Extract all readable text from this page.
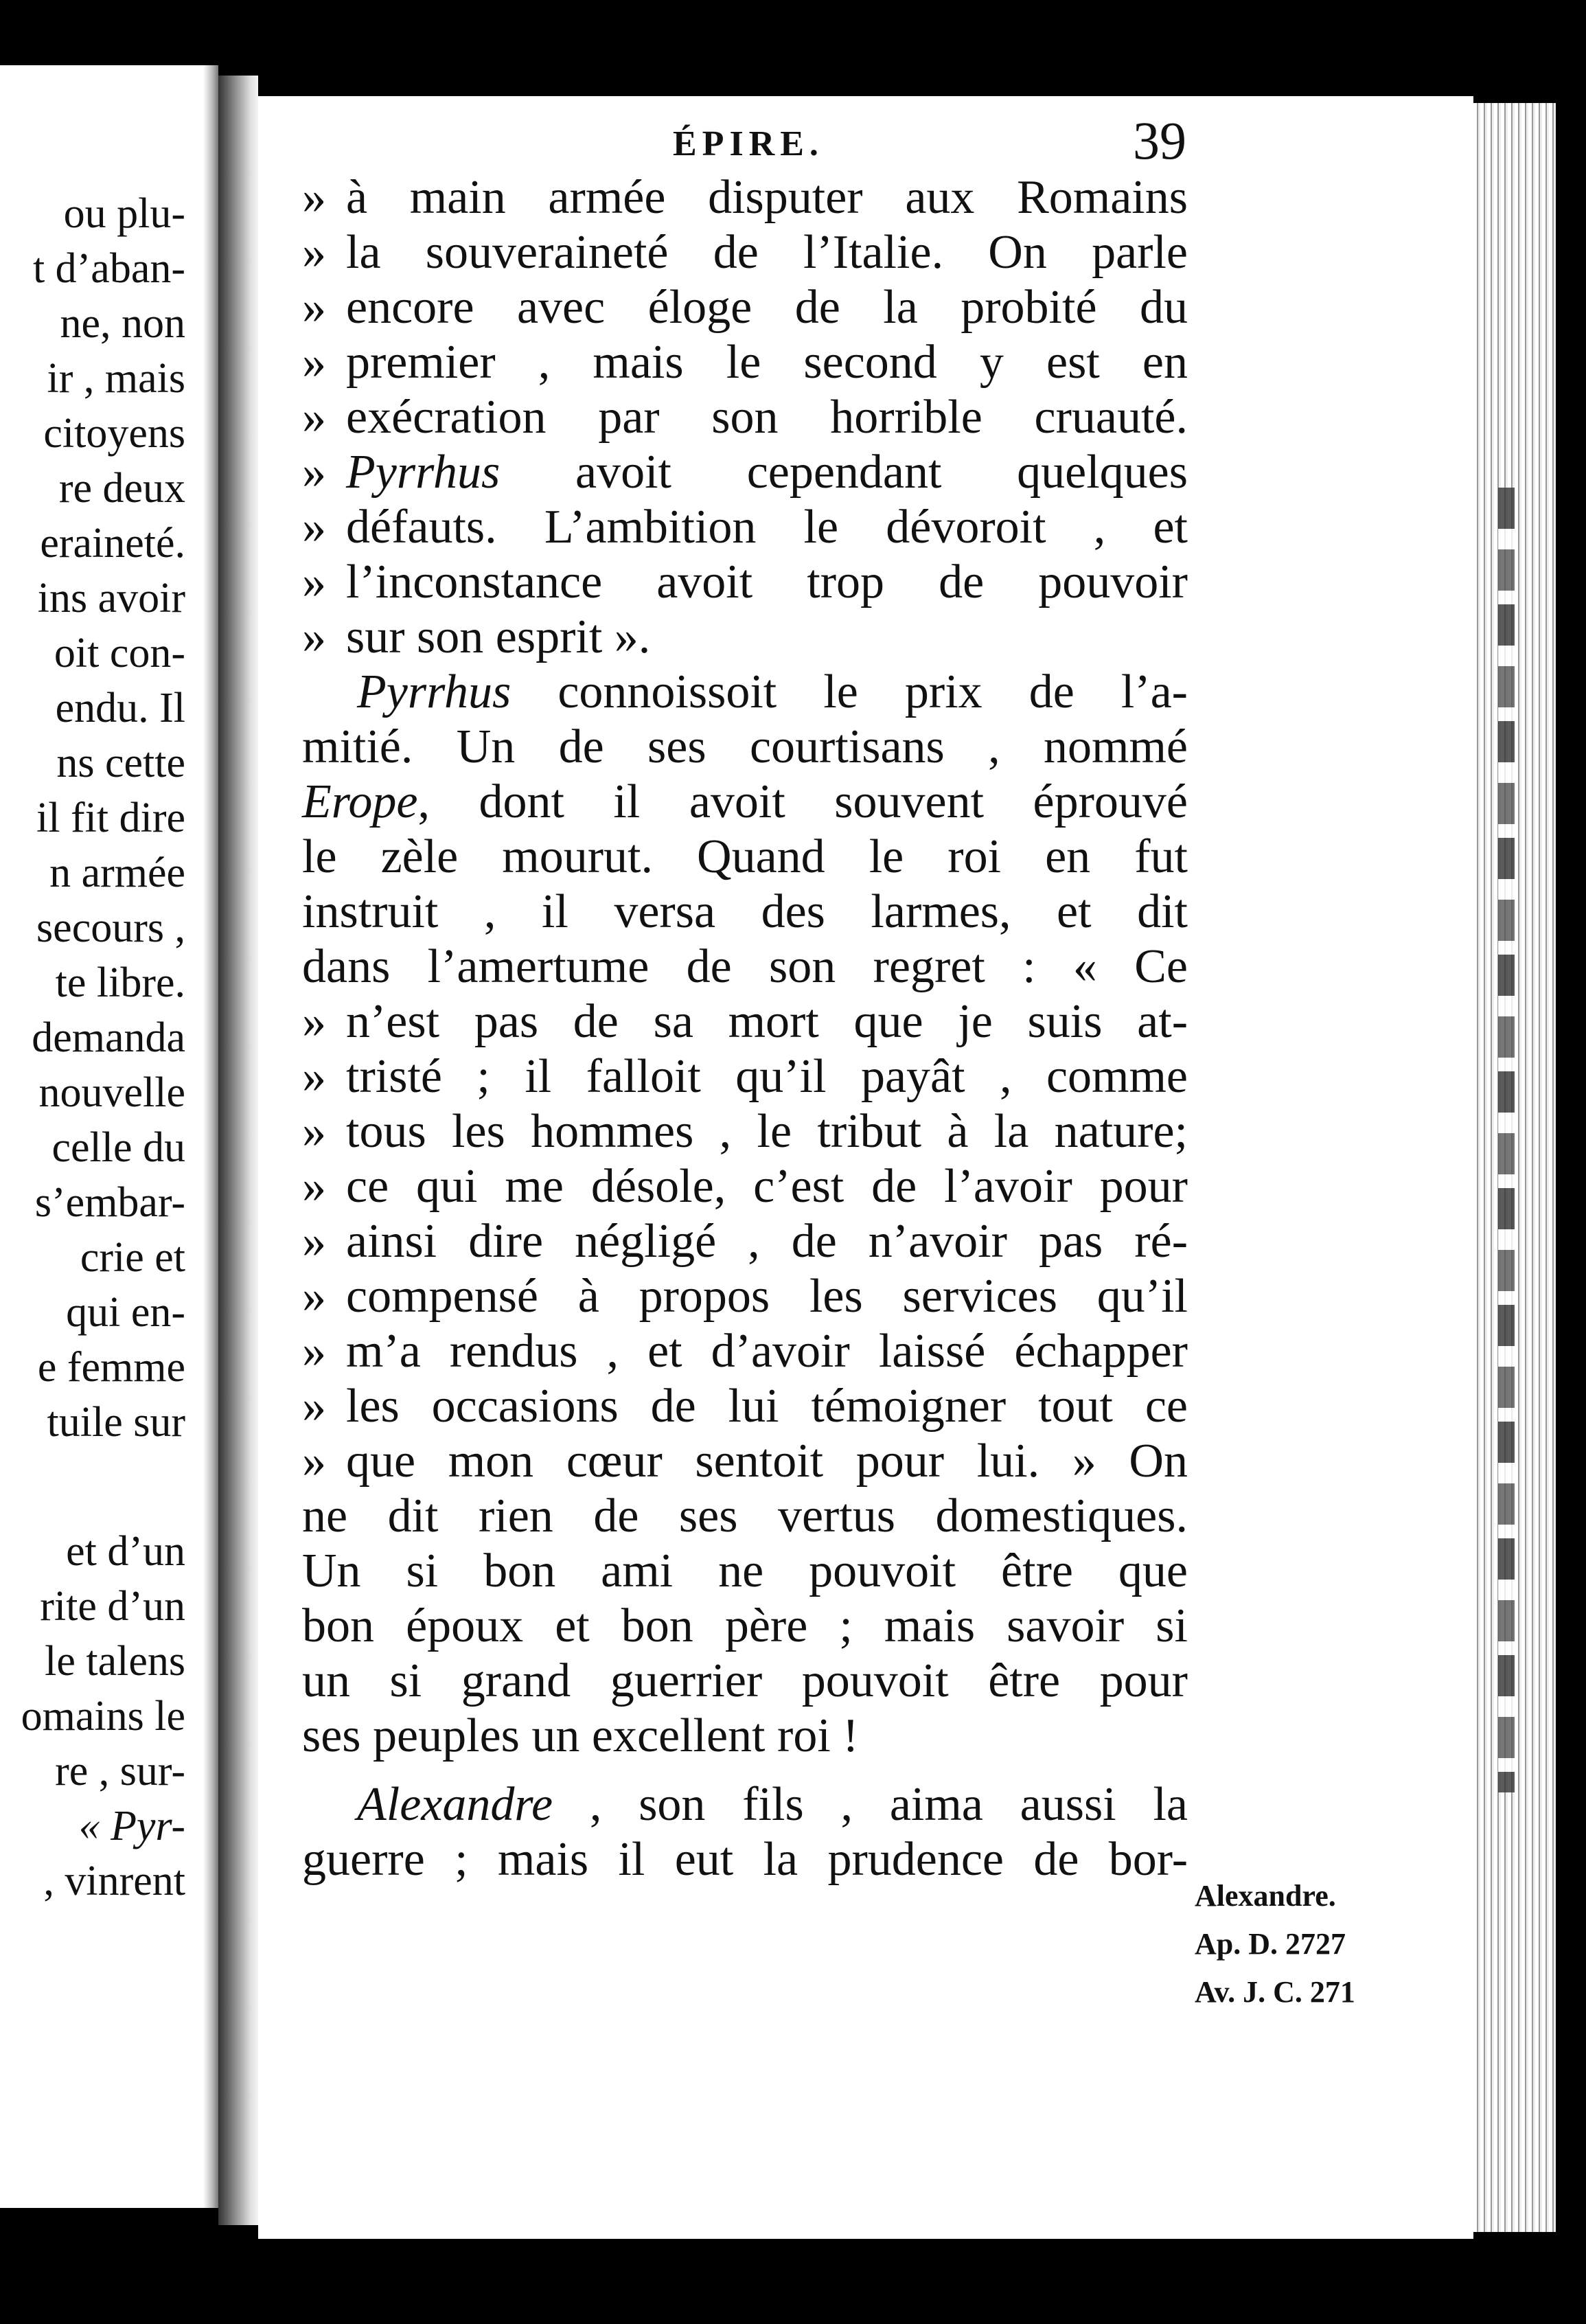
ou plu-
t d’aban-
ne, non
ir , mais
citoyens
re deux
eraineté.
ins avoir
oit con-
endu. Il
ns cette
il fit dire
n armée
secours ,
te libre.
demanda
nouvelle
celle du
s’embar-
crie et
qui en-
e femme
tuile sur
et d’un
rite d’un
le talens
omains le
re , sur-
« Pyr-
, vinrent
ÉPIRE.	39
» à main armée disputer aux Romains
» la souveraineté de l’Italie. On parle
» encore avec éloge de la probité du
» premier , mais le second y est en
» exécration par son horrible cruauté.
» Pyrrhus avoit cependant quelques
» défauts. L’ambition le dévoroit , et
» l’inconstance avoit trop de pouvoir
» sur son esprit ».
Pyrrhus connoissoit le prix de l’a-
mitié. Un de ses courtisans , nommé
Erope, dont il avoit souvent éprouvé
le zèle mourut. Quand le roi en fut
instruit , il versa des larmes, et dit
dans l’amertume de son regret : « Ce
» n’est pas de sa mort que je suis at-
» tristé ; il falloit qu’il payât , comme
» tous les hommes , le tribut à la nature;
» ce qui me désole, c’est de l’avoir pour
» ainsi dire négligé , de n’avoir pas ré-
» compensé à propos les services qu’il
» m’a rendus , et d’avoir laissé échapper
» les occasions de lui témoigner tout ce
» que mon cœur sentoit pour lui. » On
ne dit rien de ses vertus domestiques.
Un si bon ami ne pouvoit être que
bon époux et bon père ; mais savoir si
un si grand guerrier pouvoit être pour
ses peuples un excellent roi !
Alexandre , son fils , aima aussi la
guerre ; mais il eut la prudence de bor-
Alexandre.
Ap. D. 2727
Av. J. C. 271
